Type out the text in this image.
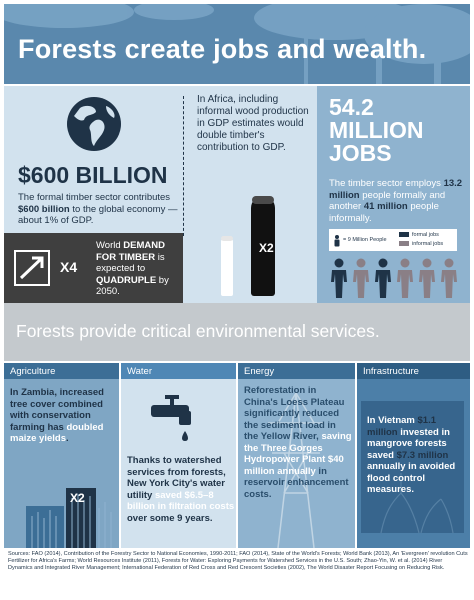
Forests create jobs and wealth.
$600 BILLION
The formal timber sector contributes $600 billion to the global economy —about 1% of GDP.
X4
World DEMAND FOR TIMBER is expected to QUADRUPLE by 2050.
In Africa, including informal wood production in GDP estimates would double timber's contribution to GDP.
X2
54.2
MILLION
JOBS
The timber sector employs 13.2 million people formally and another 41 million people informally.
= 9 Million People
formal jobs
informal jobs
Forests provide critical environmental services.
Agriculture
In Zambia, increased tree cover combined with conservation farming has doubled maize yields.
X2
Water
Thanks to watershed services from forests, New York City's water utility saved $6.5–8 billion in filtration costs over some 9 years.
Energy
Reforestation in China's Loess Plateau significantly reduced the sediment load in the Yellow River, saving the Three Gorges Hydropower Plant $40 million annually in reservoir enhancement costs.
Infrastructure
In Vietnam $1.1 million invested in mangrove forests saved $7.3 million annually in avoided flood control measures.
Sources: FAO (2014), Contribution of the Forestry Sector to National Economies, 1990-2011; FAO (2014), State of the World's Forests; World Bank (2013), An 'Evergreen' revolution Cuts Fertilizer for Africa's Farms; World Resources Institute (2011), Forests for Water: Exploring Payments for Watershed Services in the U.S. South; Zhao-Yin, W. et al. (2014) River Dynamics and Integrated River Management; International Federation of Red Cross and Red Crescent Societies (2002), The World Disaster Report Focusing on Reducing Risk.
